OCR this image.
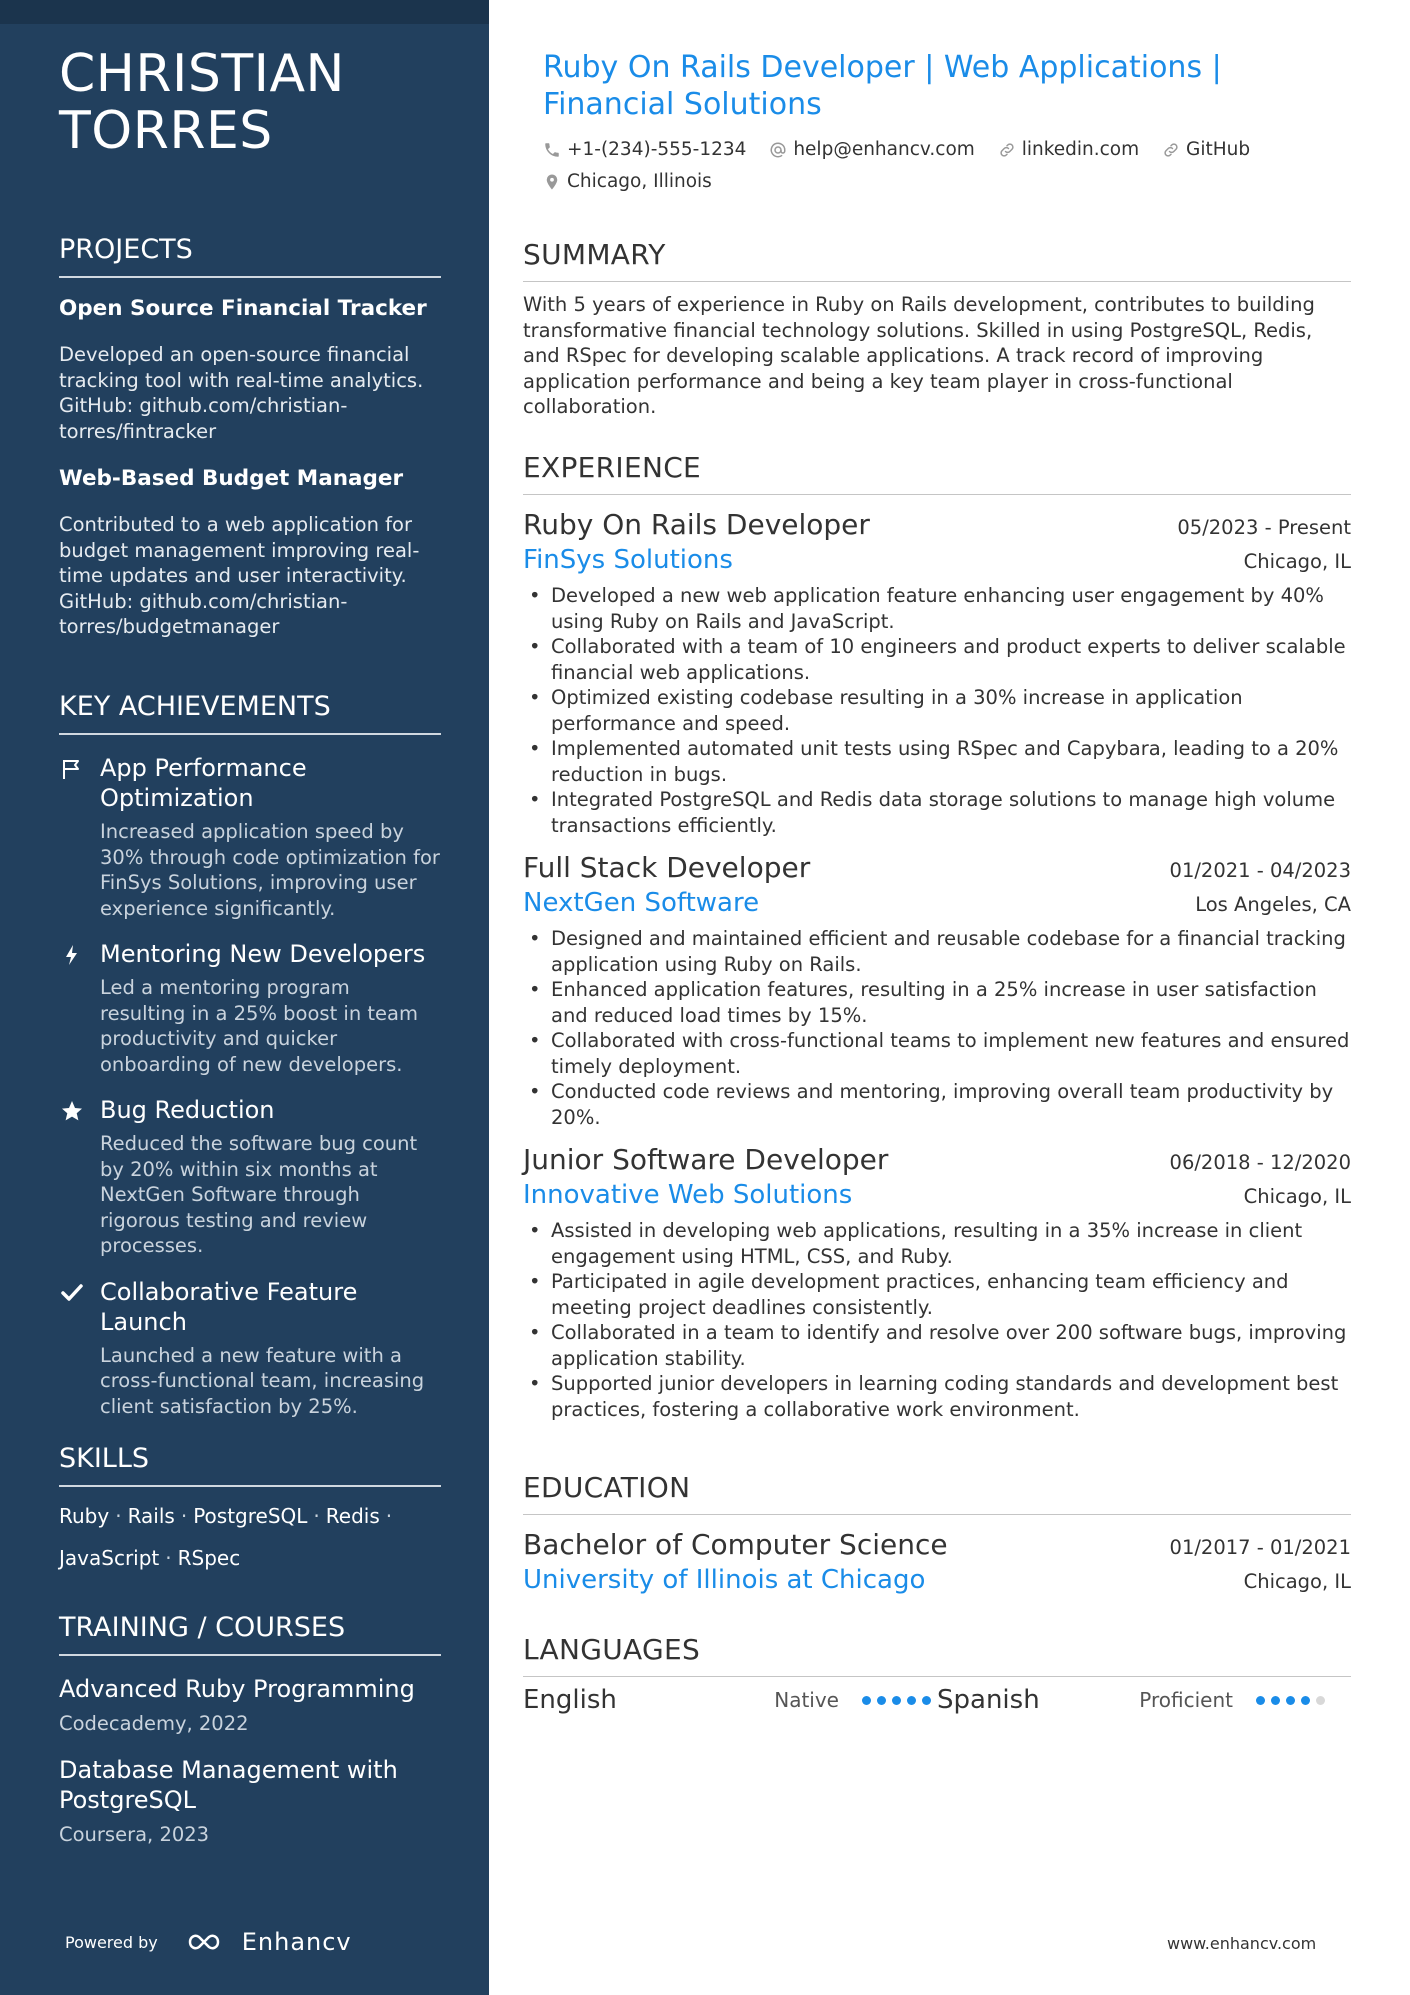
CHRISTIAN TORRES
PROJECTS
Open Source Financial Tracker
Developed an open-source financial tracking tool with real-time analytics. GitHub: github.com/christian-torres/fintracker
Web-Based Budget Manager
Contributed to a web application for budget management improving real-time updates and user interactivity. GitHub: github.com/christian-torres/budgetmanager
KEY ACHIEVEMENTS
App Performance Optimization
Increased application speed by 30% through code optimization for FinSys Solutions, improving user experience significantly.
Mentoring New Developers
Led a mentoring program resulting in a 25% boost in team productivity and quicker onboarding of new developers.
Bug Reduction
Reduced the software bug count by 20% within six months at NextGen Software through rigorous testing and review processes.
Collaborative Feature Launch
Launched a new feature with a cross-functional team, increasing client satisfaction by 25%.
SKILLS
Ruby · Rails · PostgreSQL · Redis ·
JavaScript · RSpec
TRAINING / COURSES
Advanced Ruby Programming
Codecademy, 2022
Database Management with PostgreSQL
Coursera, 2023
Powered by	Enhancv
Ruby On Rails Developer | Web Applications | Financial Solutions
+1-(234)-555-1234
	help@enhancv.com
	linkedin.com
	GitHub

Chicago, Illinois
SUMMARY
With 5 years of experience in Ruby on Rails development, contributes to building transformative financial technology solutions. Skilled in using PostgreSQL, Redis, and RSpec for developing scalable applications. A track record of improving application performance and being a key team player in cross-functional collaboration.
EXPERIENCE
Ruby On Rails Developer	05/2023 - Present
FinSys Solutions	Chicago, IL
• Developed a new web application feature enhancing user engagement by 40% using Ruby on Rails and JavaScript.
• Collaborated with a team of 10 engineers and product experts to deliver scalable financial web applications.
• Optimized existing codebase resulting in a 30% increase in application performance and speed.
• Implemented automated unit tests using RSpec and Capybara, leading to a 20% reduction in bugs.
• Integrated PostgreSQL and Redis data storage solutions to manage high volume transactions efficiently.
Full Stack Developer	01/2021 - 04/2023
NextGen Software	Los Angeles, CA
• Designed and maintained efficient and reusable codebase for a financial tracking application using Ruby on Rails.
• Enhanced application features, resulting in a 25% increase in user satisfaction and reduced load times by 15%.
• Collaborated with cross-functional teams to implement new features and ensured timely deployment.
• Conducted code reviews and mentoring, improving overall team productivity by 20%.
Junior Software Developer	06/2018 - 12/2020
Innovative Web Solutions	Chicago, IL
• Assisted in developing web applications, resulting in a 35% increase in client engagement using HTML, CSS, and Ruby.
• Participated in agile development practices, enhancing team efficiency and meeting project deadlines consistently.
• Collaborated in a team to identify and resolve over 200 software bugs, improving application stability.
• Supported junior developers in learning coding standards and development best practices, fostering a collaborative work environment.
EDUCATION
Bachelor of Computer Science	01/2017 - 01/2021
University of Illinois at Chicago	Chicago, IL
LANGUAGES
English	Native	Spanish	Proficient
www.enhancv.com
